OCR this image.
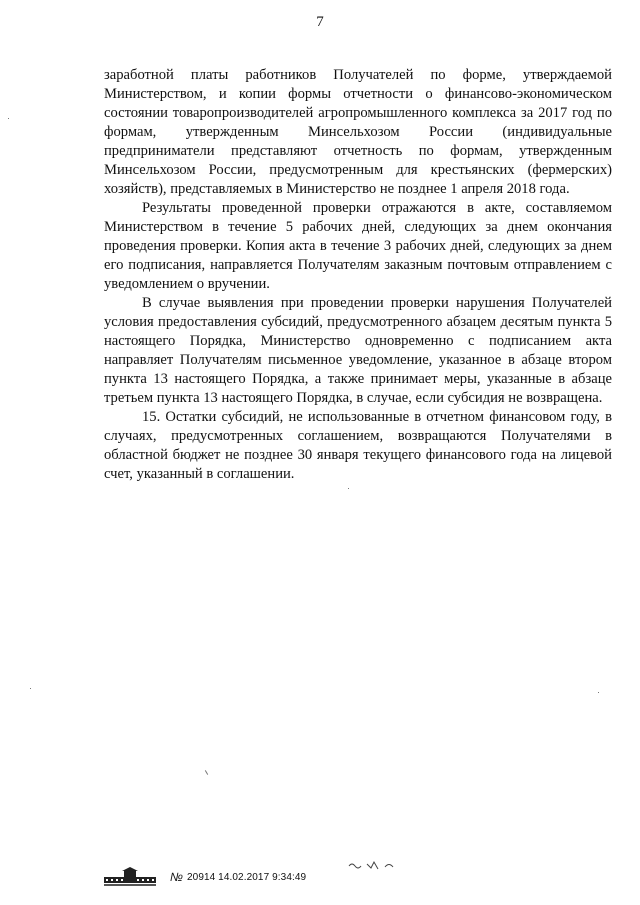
7

заработной платы работников Получателей по форме, утверждаемой Министерством, и копии формы отчетности о финансово-экономическом состоянии товаропроизводителей агропромышленного комплекса за 2017 год по формам, утвержденным Минсельхозом России (индивидуальные предприниматели представляют отчетность по формам, утвержденным Минсельхозом России, предусмотренным для крестьянских (фермерских) хозяйств), представляемых в Министерство не позднее 1 апреля 2018 года.

Результаты проведенной проверки отражаются в акте, составляемом Министерством в течение 5 рабочих дней, следующих за днем окончания проведения проверки. Копия акта в течение 3 рабочих дней, следующих за днем его подписания, направляется Получателям заказным почтовым отправлением с уведомлением о вручении.

В случае выявления при проведении проверки нарушения Получателей условия предоставления субсидий, предусмотренного абзацем десятым пункта 5 настоящего Порядка, Министерство одновременно с подписанием акта направляет Получателям письменное уведомление, указанное в абзаце втором пункта 13 настоящего Порядка, а также принимает меры, указанные в абзаце третьем пункта 13 настоящего Порядка, в случае, если субсидия не возвращена.

15. Остатки субсидий, не использованные в отчетном финансовом году, в случаях, предусмотренных соглашением, возвращаются Получателями в областной бюджет не позднее 30 января текущего финансового года на лицевой счет, указанный в соглашении.

№ 20914 14.02.2017 9:34:49
